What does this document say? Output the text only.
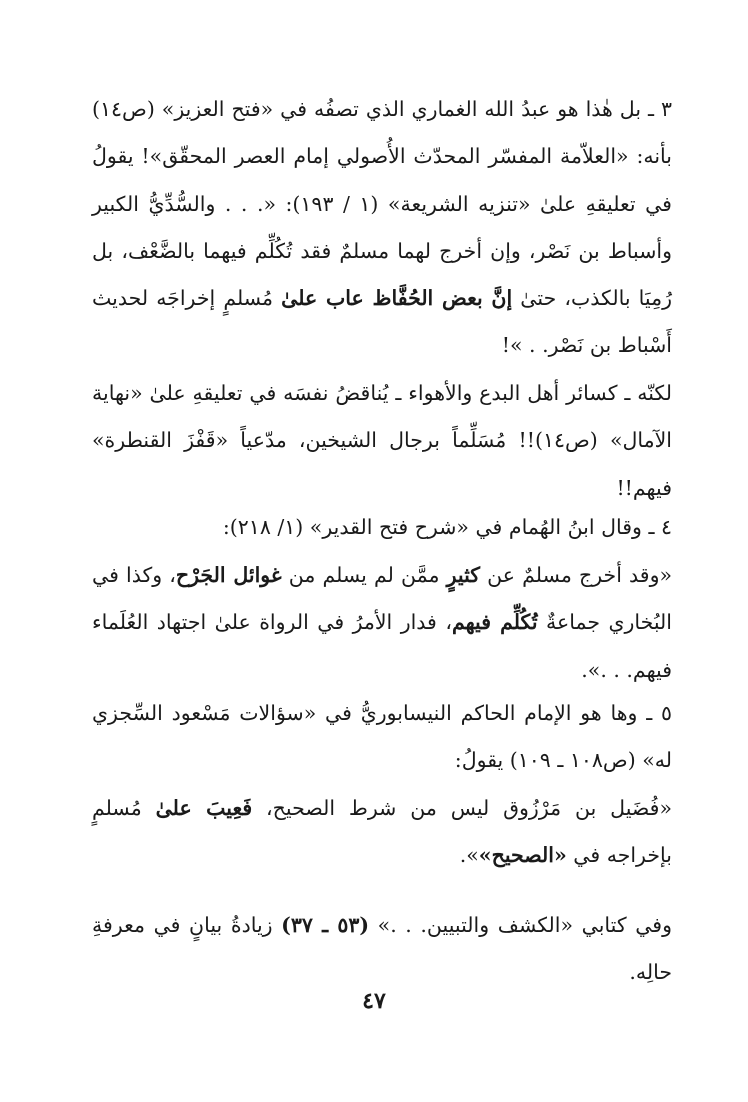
٣ ـ بل هٰذا هو عبدُ الله الغماري الذي تصفُه في «فتح العزيز» (ص١٤) بأنه: «العلاّمة المفسّر المحدّث الأُصولي إمام العصر المحقّق»! يقولُ في تعليقهِ علىٰ «تنزيه الشريعة» (١ / ١٩٣): «. . . والسُّدِّيُّ الكبير وأسباط بن نَصْر، وإن أخرج لهما مسلمٌ فقد تُكُلِّم فيهما بالضَّعْف، بل رُمِيَا بالكذب، حتىٰ إنَّ بعض الحُفَّاظ عاب علىٰ مُسلمٍ إخراجَه لحديث أَسْباط بن نَصْر. . »!

لكنّه ـ كسائر أهل البدع والأهواء ـ يُناقضُ نفسَه في تعليقهِ علىٰ «نهاية الآمال» (ص١٤)!! مُسَلِّماً برجال الشيخين، مدّعياً «قَفْزَ القنطرة» فيهم!!

٤ ـ وقال ابنُ الهُمام في «شرح فتح القدير» (١/ ٢١٨):

«وقد أخرج مسلمٌ عن كثيرٍ ممَّن لم يسلم من غوائل الجَرْح، وكذا في البُخاري جماعةٌ تُكُلِّم فيهم، فدار الأمرُ في الرواة علىٰ اجتهاد العُلَماء فيهم. . .».

٥ ـ وها هو الإمام الحاكم النيسابوريُّ في «سؤالات مَسْعود السِّجزي له» (ص١٠٨ ـ ١٠٩) يقولُ:

«فُضَيل بن مَرْزُوق ليس من شرط الصحيح، فَعِيبَ علىٰ مُسلمٍ بإخراجه في «الصحيح»».

وفي كتابي «الكشف والتبيين. . .» (٥٣ ـ ٣٧) زيادةُ بيانٍ في معرفةِ حالِه.

٤٧
